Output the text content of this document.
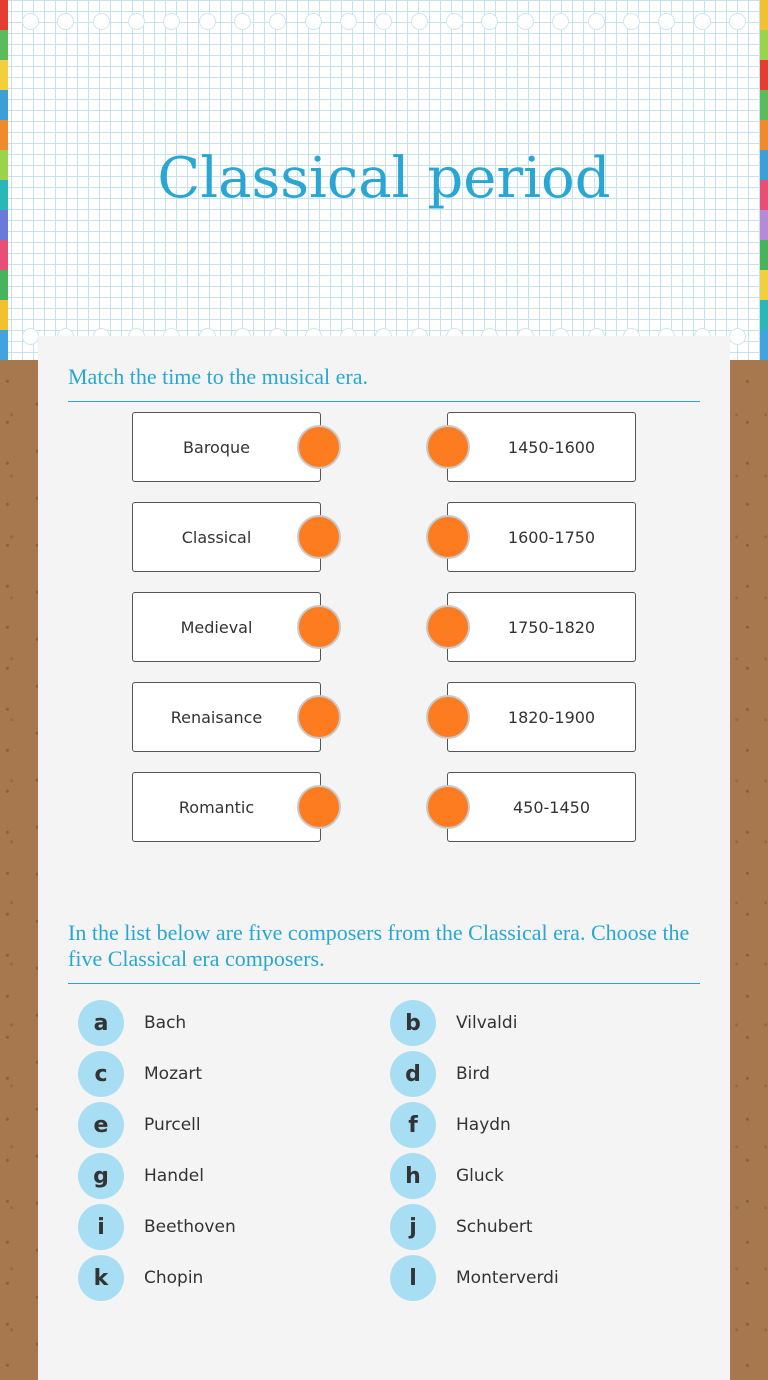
Classical period
Match the time to the musical era.
Baroque	1450-1600
Classical	1600-1750
Medieval	1750-1820
Renaisance	1820-1900
Romantic	450-1450
In the list below are five composers from the Classical era. Choose the five Classical era composers.
a	Bach	b	Vilvaldi
c	Mozart	d	Bird
e	Purcell	f	Haydn
g	Handel	h	Gluck
i	Beethoven	j	Schubert
k	Chopin	l	Monterverdi
